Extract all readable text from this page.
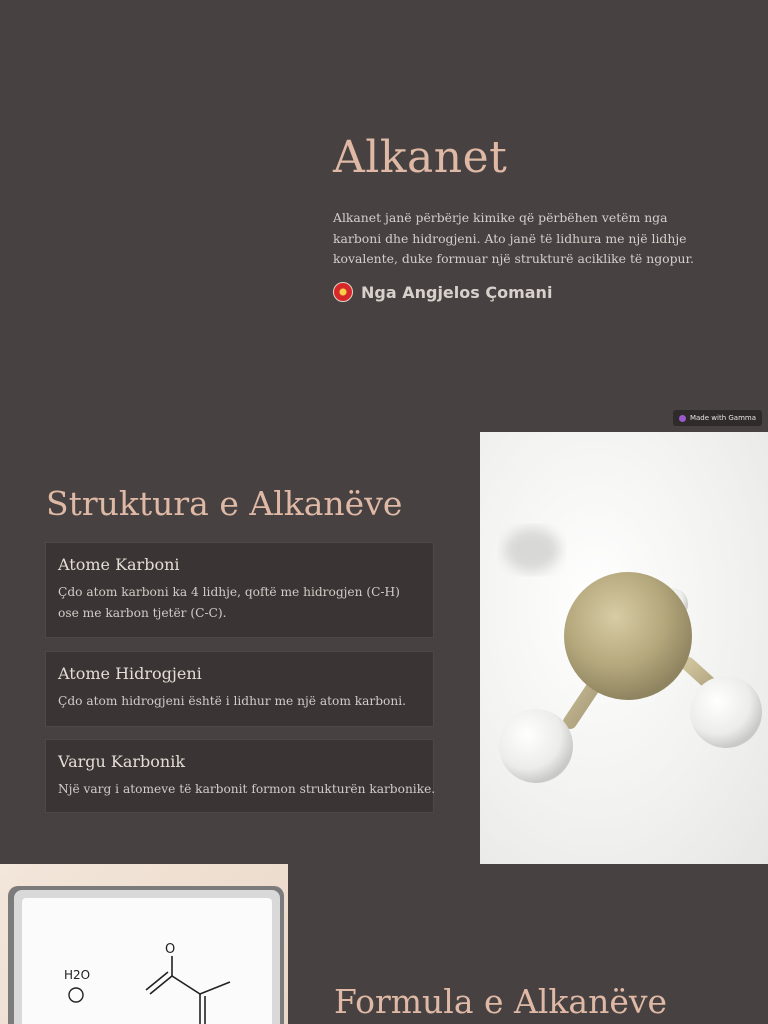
Alkanet

Alkanet janë përbërje kimike që përbëhen vetëm nga karboni dhe hidrogjeni. Ato janë të lidhura me një lidhje kovalente, duke formuar një strukturë aciklike të ngopur.

Nga Angjelos Çomani
Made with Gamma
Struktura e Alkanëve
Atome Karboni

Çdo atom karboni ka 4 lidhje, qoftë me hidrogjen (C-H) ose me karbon tjetër (C-C).

Atome Hidrogjeni

Çdo atom hidrogjeni është i lidhur me një atom karboni.

Vargu Karbonik

Një varg i atomeve të karbonit formon strukturën karbonike.

H2O
O
Formula e Alkanëve
